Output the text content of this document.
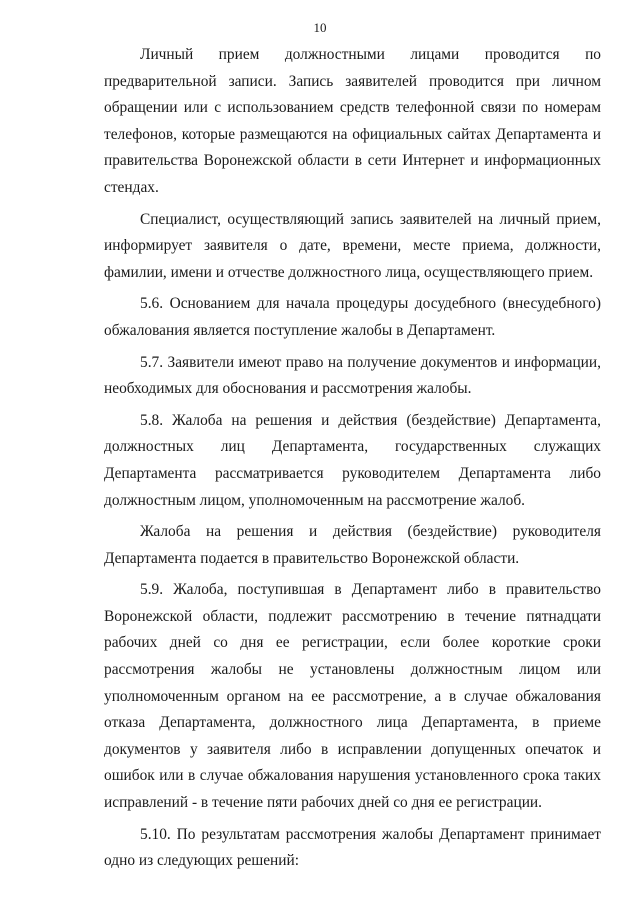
10

Личный прием должностными лицами проводится по предварительной записи. Запись заявителей проводится при личном обращении или с использованием средств телефонной связи по номерам телефонов, которые размещаются на официальных сайтах Департамента и правительства Воронежской области в сети Интернет и информационных стендах.

Специалист, осуществляющий запись заявителей на личный прием, информирует заявителя о дате, времени, месте приема, должности, фамилии, имени и отчестве должностного лица, осуществляющего прием.

5.6. Основанием для начала процедуры досудебного (внесудебного) обжалования является поступление жалобы в Департамент.

5.7. Заявители имеют право на получение документов и информации, необходимых для обоснования и рассмотрения жалобы.

5.8. Жалоба на решения и действия (бездействие) Департамента, должностных лиц Департамента, государственных служащих Департамента рассматривается руководителем Департамента либо должностным лицом, уполномоченным на рассмотрение жалоб.

Жалоба на решения и действия (бездействие) руководителя Департамента подается в правительство Воронежской области.

5.9. Жалоба, поступившая в Департамент либо в правительство Воронежской области, подлежит рассмотрению в течение пятнадцати рабочих дней со дня ее регистрации, если более короткие сроки рассмотрения жалобы не установлены должностным лицом или уполномоченным органом на ее рассмотрение, а в случае обжалования отказа Департамента, должностного лица Департамента, в приеме документов у заявителя либо в исправлении допущенных опечаток и ошибок или в случае обжалования нарушения установленного срока таких исправлений - в течение пяти рабочих дней со дня ее регистрации.

5.10. По результатам рассмотрения жалобы Департамент принимает одно из следующих решений:
